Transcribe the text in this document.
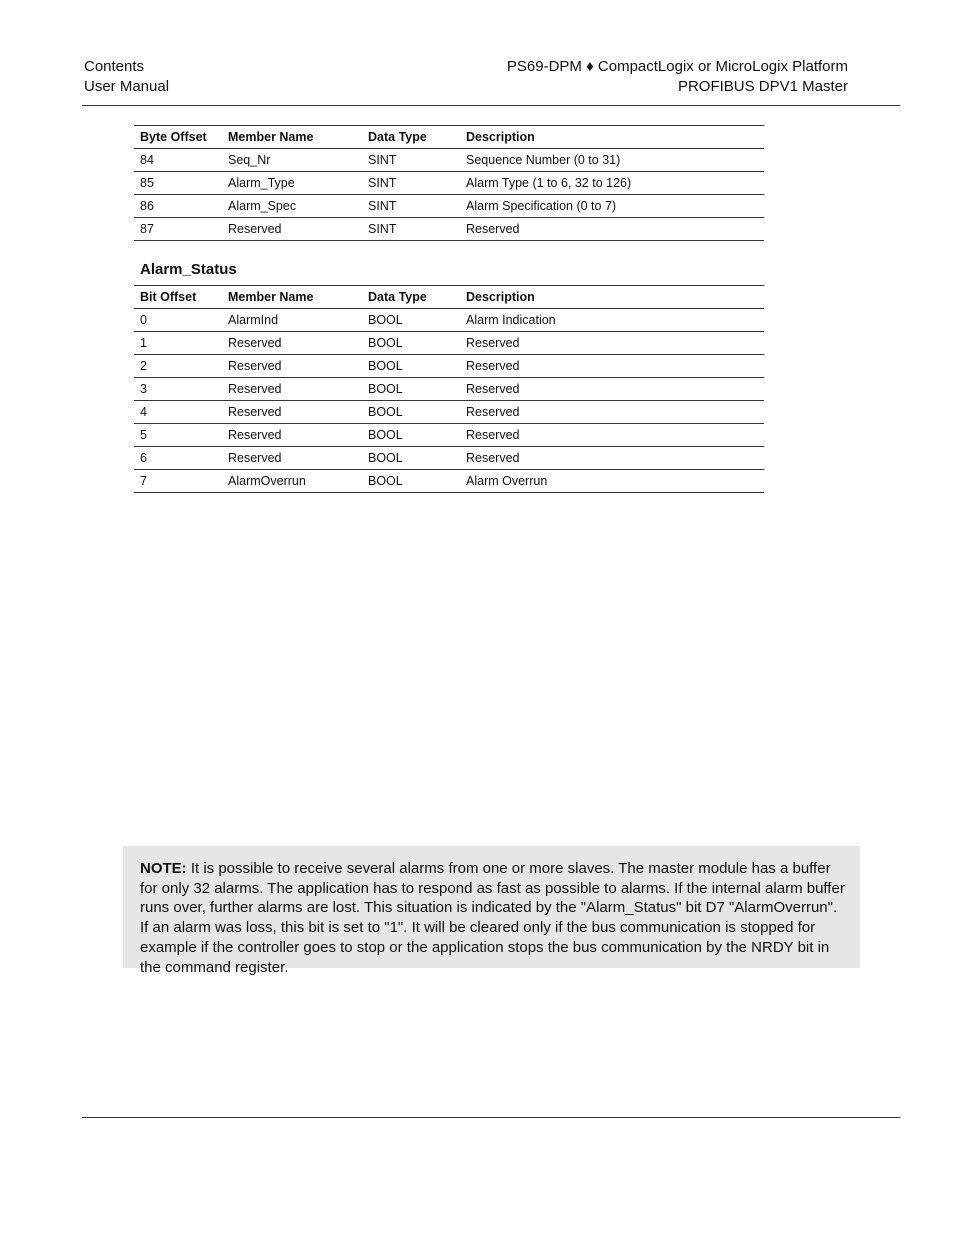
Contents
User Manual
PS69-DPM ♦ CompactLogix or MicroLogix Platform
PROFIBUS DPV1 Master
Byte Offset	Member Name	Data Type	Description
84	Seq_Nr	SINT	Sequence Number (0 to 31)
85	Alarm_Type	SINT	Alarm Type (1 to 6, 32 to 126)
86	Alarm_Spec	SINT	Alarm Specification (0 to 7)
87	Reserved	SINT	Reserved
Alarm_Status
Bit Offset	Member Name	Data Type	Description
0	AlarmInd	BOOL	Alarm Indication
1	Reserved	BOOL	Reserved
2	Reserved	BOOL	Reserved
3	Reserved	BOOL	Reserved
4	Reserved	BOOL	Reserved
5	Reserved	BOOL	Reserved
6	Reserved	BOOL	Reserved
7	AlarmOverrun	BOOL	Alarm Overrun

NOTE: It is possible to receive several alarms from one or more slaves. The master module has a buffer for only 32 alarms. The application has to respond as fast as possible to alarms. If the internal alarm buffer runs over, further alarms are lost. This situation is indicated by the "Alarm_Status" bit D7 "AlarmOverrun". If an alarm was loss, this bit is set to "1". It will be cleared only if the bus communication is stopped for example if the controller goes to stop or the application stops the bus communication by the NRDY bit in the command register.
